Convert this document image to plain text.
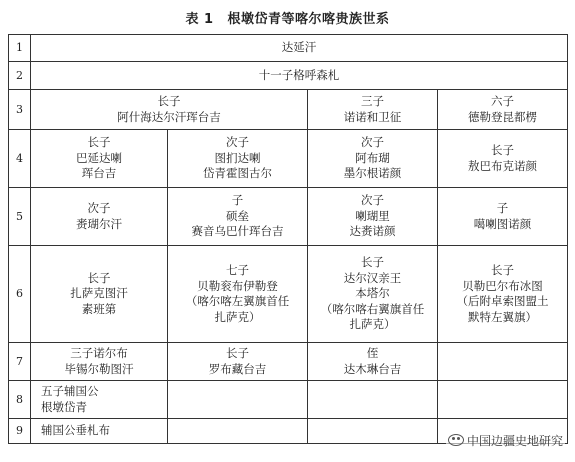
表 1 根墩岱青等喀尔喀贵族世系
1	达延汗			

2	十一子格呼森札			

3	长子
阿什海达尔汗珲台吉		三子
诺诺和卫征	六子
德勒登昆都楞

4	长子
巴延达喇
珲台吉	次子
图扪达喇
岱青霍图古尔	次子
阿布瑚
墨尔根诺颜	长子
敖巴布克诺颜

5	次子
赉瑚尔汗	子
硕垒
赛音乌巴什珲台吉	次子
喇瑚里
达赉诺颜	子
噶喇图诺颜

6	长子
扎萨克图汗
素班第	七子
贝勒衮布伊勒登
（喀尔喀左翼旗首任
扎萨克）	长子
达尔汉亲王
本塔尔
（喀尔喀右翼旗首任
扎萨克）	长子
贝勒巴尔布冰图
（后附卓索图盟土
默特左翼旗）

7	三子诺尔布
毕锡尔勒图汗	长子
罗布藏台吉	侄
达木琳台吉	

8	五子辅国公
根墩岱青			

9	辅国公垂札布			

中国边疆史地研究
